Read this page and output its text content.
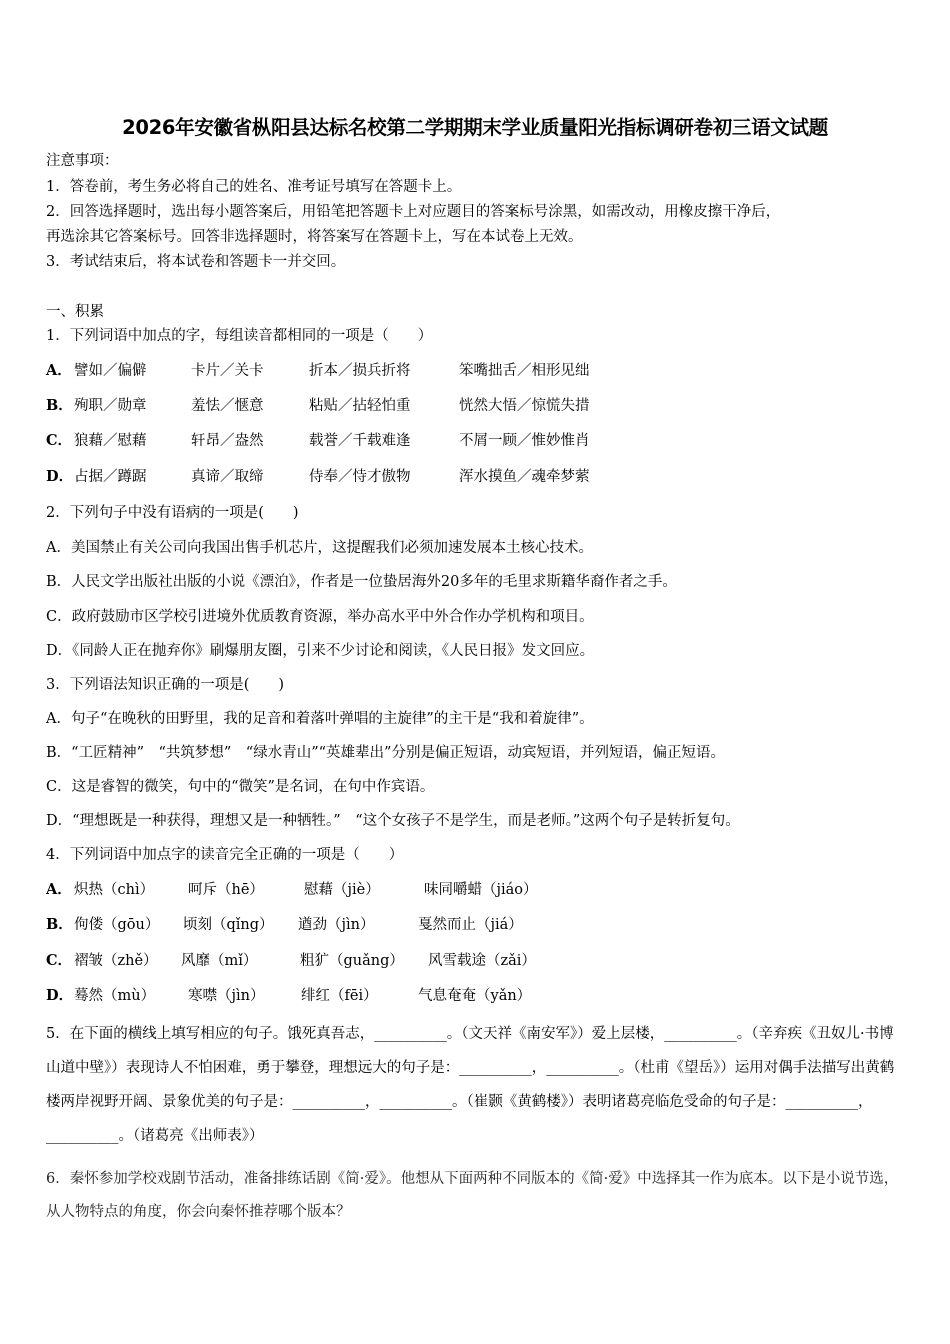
2026年安徽省枞阳县达标名校第二学期期末学业质量阳光指标调研卷初三语文试题
注意事项：
1．答卷前，考生务必将自己的姓名、准考证号填写在答题卡上。
2．回答选择题时，选出每小题答案后，用铅笔把答题卡上对应题目的答案标号涂黑，如需改动，用橡皮擦干净后，
再选涂其它答案标号。回答非选择题时，将答案写在答题卡上，写在本试卷上无效。
3．考试结束后，将本试卷和答题卡一并交回。
一、积累
1．下列词语中加点的字，每组读音都相同的一项是（　　）
A． 譬如／偏僻	卡片／关卡	折本／损兵折将	笨嘴拙舌／相形见绌
B． 殉职／勋章	羞怯／惬意	粘贴／拈轻怕重	恍然大悟／惊慌失措
C． 狼藉／慰藉	轩昂／盎然	载誉／千载难逢	不屑一顾／惟妙惟肖
D． 占据／蹲踞	真谛／取缔	侍奉／恃才傲物	浑水摸鱼／魂牵梦萦
2．下列句子中没有语病的一项是(　　)
A．美国禁止有关公司向我国出售手机芯片，这提醒我们必须加速发展本土核心技术。
B．人民文学出版社出版的小说《漂泊》，作者是一位蛰居海外20多年的毛里求斯籍华裔作者之手。
C．政府鼓励市区学校引进境外优质教育资源，举办高水平中外合作办学机构和项目。
D．《同龄人正在抛弃你》刷爆朋友圈，引来不少讨论和阅读，《人民日报》发文回应。
3．下列语法知识正确的一项是(　　)
A．句子“在晚秋的田野里，我的足音和着落叶弹唱的主旋律”的主干是“我和着旋律”。
B．“工匠精神”　“共筑梦想”　“绿水青山”“英雄辈出”分别是偏正短语，动宾短语，并列短语，偏正短语。
C．这是睿智的微笑，句中的“微笑”是名词，在句中作宾语。
D．“理想既是一种获得，理想又是一种牺牲。”　“这个女孩子不是学生，而是老师。”这两个句子是转折复句。
4．下列词语中加点字的读音完全正确的一项是（　　）
A． 炽热（chì） 呵斥（hē）	慰藉（jiè）	味同嚼蜡（jiáo）
B． 佝偻（gōu） 顷刻（qǐng） 遒劲（jìn）	戛然而止（jiá）
C． 褶皱（zhě） 风靡（mǐ）	粗犷（guǎng） 风雪载途（zǎi）
D． 蓦然（mù） 寒噤（jìn）	绯红（fēi）	气息奄奄（yǎn）
5．在下面的横线上填写相应的句子。饿死真吾志，__________。（文天祥《南安军》）爱上层楼，__________。（辛弃疾《丑奴儿·书博山道中壁》）表现诗人不怕困难，勇于攀登，理想远大的句子是：__________，__________。（杜甫《望岳》）运用对偶手法描写出黄鹤楼两岸视野开阔、景象优美的句子是：__________，__________。（崔颢《黄鹤楼》）表明诸葛亮临危受命的句子是：__________，__________。（诸葛亮《出师表》）
6．秦怀参加学校戏剧节活动，准备排练话剧《简·爱》。他想从下面两种不同版本的《简·爱》中选择其一作为底本。以下是小说节选，从人物特点的角度，你会向秦怀推荐哪个版本？
